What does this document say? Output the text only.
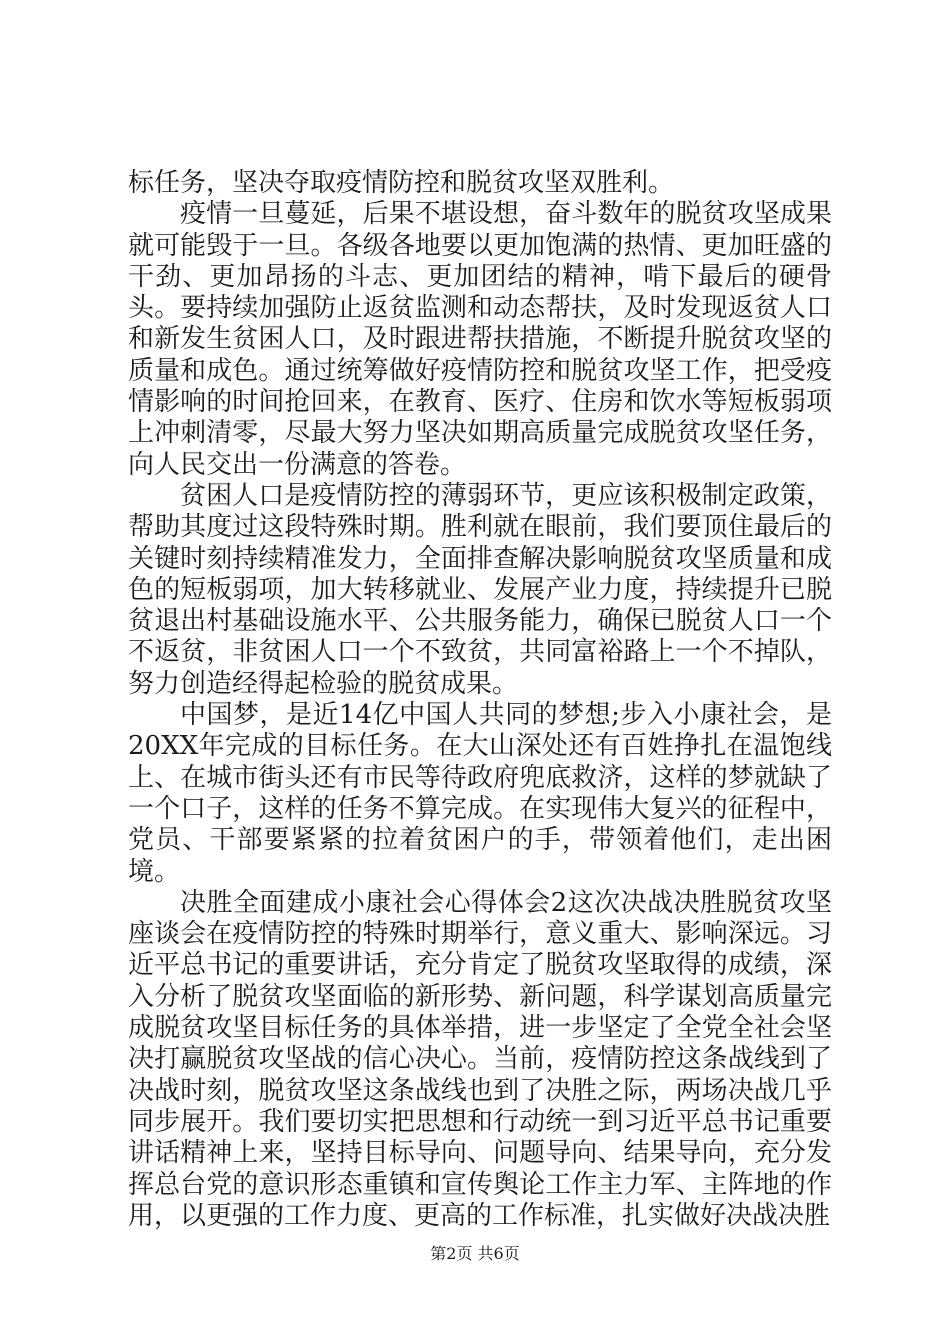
标任务，坚决夺取疫情防控和脱贫攻坚双胜利。

疫情一旦蔓延，后果不堪设想，奋斗数年的脱贫攻坚成果就可能毁于一旦。各级各地要以更加饱满的热情、更加旺盛的干劲、更加昂扬的斗志、更加团结的精神，啃下最后的硬骨头。要持续加强防止返贫监测和动态帮扶，及时发现返贫人口和新发生贫困人口，及时跟进帮扶措施，不断提升脱贫攻坚的质量和成色。通过统筹做好疫情防控和脱贫攻坚工作，把受疫情影响的时间抢回来，在教育、医疗、住房和饮水等短板弱项上冲刺清零，尽最大努力坚决如期高质量完成脱贫攻坚任务，向人民交出一份满意的答卷。

贫困人口是疫情防控的薄弱环节，更应该积极制定政策，帮助其度过这段特殊时期。胜利就在眼前，我们要顶住最后的关键时刻持续精准发力，全面排查解决影响脱贫攻坚质量和成色的短板弱项，加大转移就业、发展产业力度，持续提升已脱贫退出村基础设施水平、公共服务能力，确保已脱贫人口一个不返贫，非贫困人口一个不致贫，共同富裕路上一个不掉队，努力创造经得起检验的脱贫成果。

中国梦，是近14亿中国人共同的梦想;步入小康社会，是20XX年完成的目标任务。在大山深处还有百姓挣扎在温饱线上、在城市街头还有市民等待政府兜底救济，这样的梦就缺了一个口子，这样的任务不算完成。在实现伟大复兴的征程中，党员、干部要紧紧的拉着贫困户的手，带领着他们，走出困境。

决胜全面建成小康社会心得体会2这次决战决胜脱贫攻坚座谈会在疫情防控的特殊时期举行，意义重大、影响深远。习近平总书记的重要讲话，充分肯定了脱贫攻坚取得的成绩，深入分析了脱贫攻坚面临的新形势、新问题，科学谋划高质量完成脱贫攻坚目标任务的具体举措，进一步坚定了全党全社会坚决打赢脱贫攻坚战的信心决心。当前，疫情防控这条战线到了决战时刻，脱贫攻坚这条战线也到了决胜之际，两场决战几乎同步展开。我们要切实把思想和行动统一到习近平总书记重要讲话精神上来，坚持目标导向、问题导向、结果导向，充分发挥总台党的意识形态重镇和宣传舆论工作主力军、主阵地的作用，以更强的工作力度、更高的工作标准，扎实做好决战决胜

第2页 共6页
